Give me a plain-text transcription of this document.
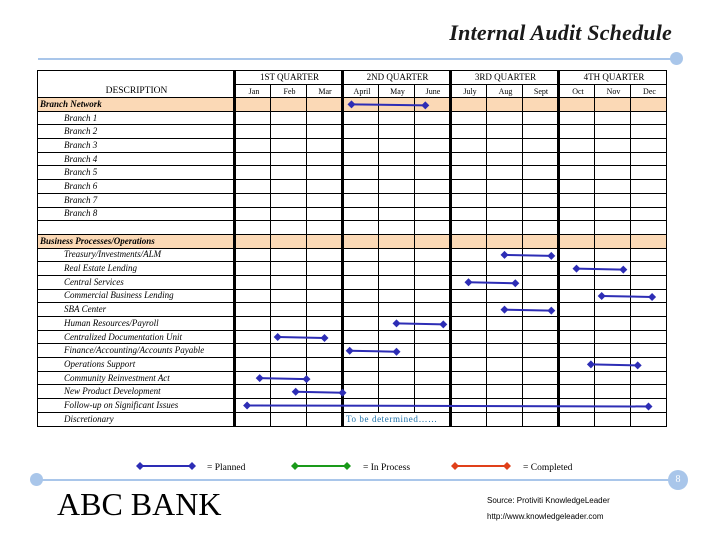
Internal Audit Schedule
DESCRIPTION	1ST QUARTER			2ND QUARTER			3RD QUARTER			4TH QUARTER		
	Jan	Feb	Mar	April	May	June	July	Aug	Sept	Oct	Nov	Dec
Branch Network												
Branch 1												
Branch 2												
Branch 3												
Branch 4												
Branch 5												
Branch 6												
Branch 7												
Branch 8												

Business Processes/Operations												
Treasury/Investments/ALM												
Real Estate Lending												
Central Services												
Commercial Business Lending												
SBA Center												
Human Resources/Payroll												
Centralized Documentation Unit												
Finance/Accounting/Accounts Payable												
Operations Support												
Community Reinvestment Act												
New Product Development												
Follow-up on Significant Issues												
Discretionary				To be determined……								
8
= Planned	= In Process	= Completed
ABC BANK	Source: Protiviti KnowledgeLeader
http://www.knowledgeleader.com
